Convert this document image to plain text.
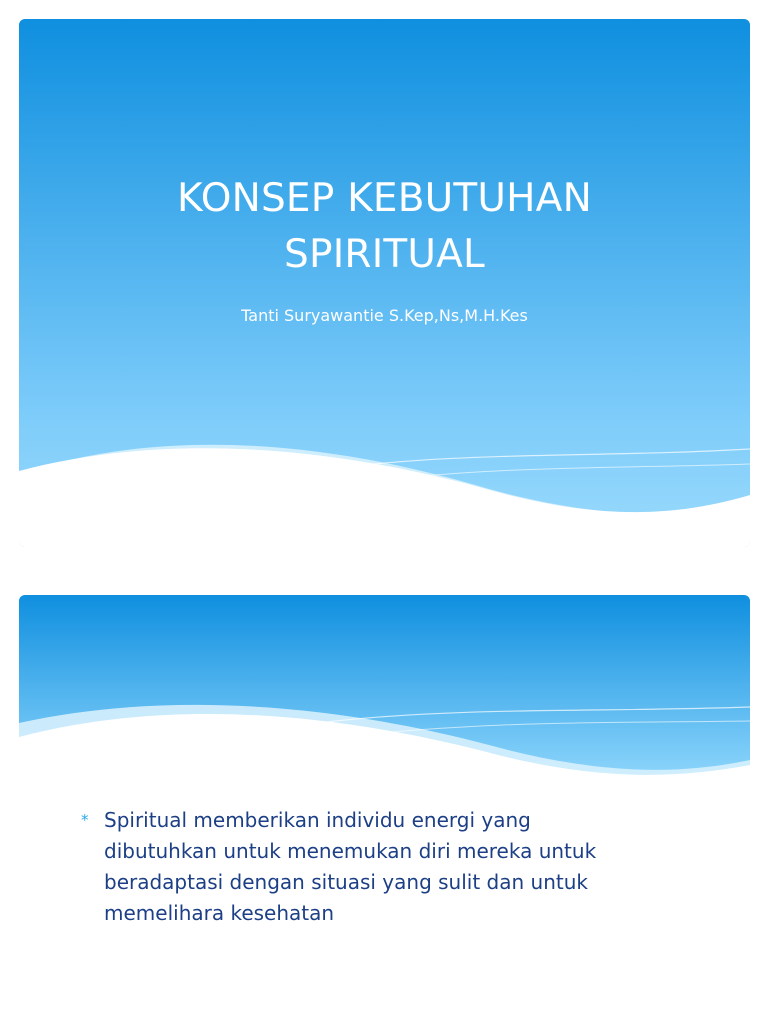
KONSEP KEBUTUHAN
SPIRITUAL
Tanti Suryawantie S.Kep,Ns,M.H.Kes
* Spiritual memberikan individu energi yang dibutuhkan untuk menemukan diri mereka untuk beradaptasi dengan situasi yang sulit dan untuk memelihara kesehatan
